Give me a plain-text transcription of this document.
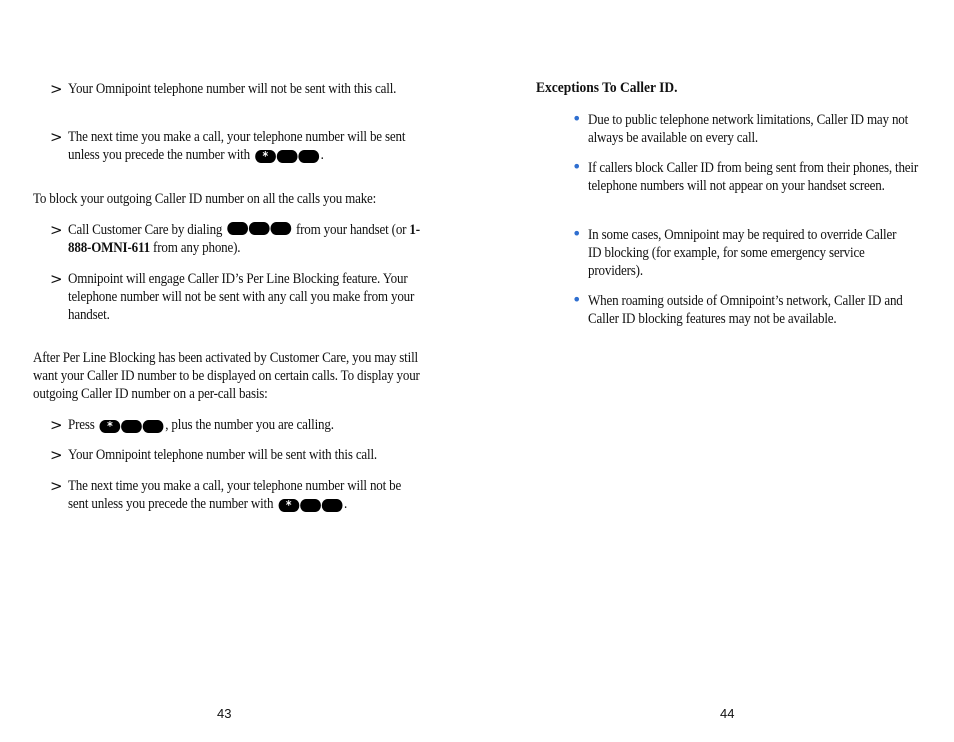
> Your Omnipoint telephone number will not be sent with this call.
> The next time you make a call, your telephone number will be sent unless you precede the number with	*	.
To block your outgoing Caller ID number on all the calls you make:
> Call Customer Care by dialing	from your handset (or 1-888-OMNI-611 from any phone).
> Omnipoint will engage Caller ID’s Per Line Blocking feature. Your telephone number will not be sent with any call you make from your handset.
After Per Line Blocking has been activated by Customer Care, you may still want your Caller ID number to be displayed on certain calls. To display your outgoing Caller ID number on a per-call basis:
> Press	*	, plus the number you are calling.
> Your Omnipoint telephone number will be sent with this call.
> The next time you make a call, your telephone number will not be sent unless you precede the number with	*	.
43
Exceptions To Caller ID.
• Due to public telephone network limitations, Caller ID may not always be available on every call.
• If callers block Caller ID from being sent from their phones, their telephone numbers will not appear on your handset screen.
• In some cases, Omnipoint may be required to override Caller ID blocking (for example, for some emergency service providers).
• When roaming outside of Omnipoint’s network, Caller ID and Caller ID blocking features may not be available.
44
